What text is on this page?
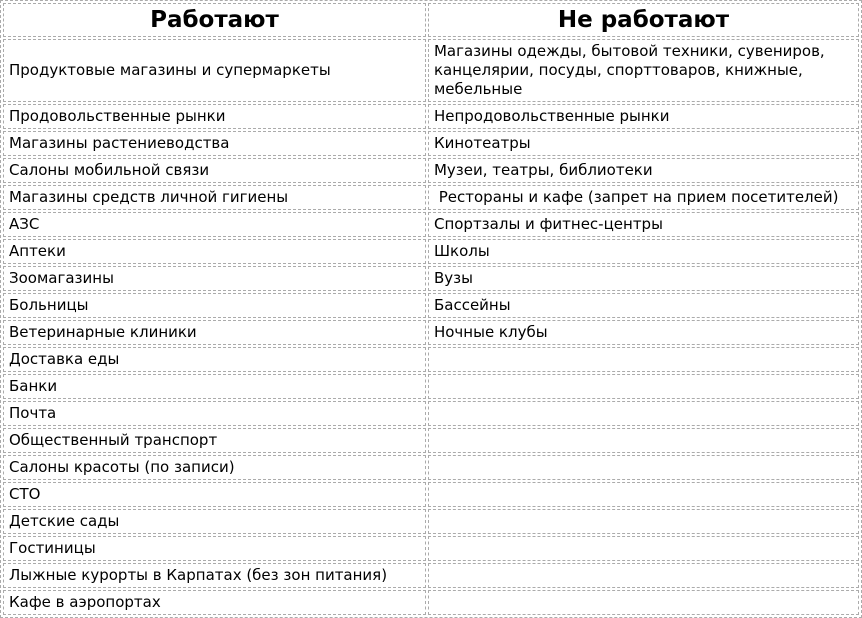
Работают	Не работают
Продуктовые магазины и супермаркеты	Магазины одежды, бытовой техники, сувениров, канцелярии, посуды, спорттоваров, книжные, мебельные
Продовольственные рынки	Непродовольственные рынки
Магазины растениеводства	Кинотеатры
Салоны мобильной связи	Музеи, театры, библиотеки
Магазины средств личной гигиены	Рестораны и кафе (запрет на прием посетителей)
АЗС	Спортзалы и фитнес-центры
Аптеки	Школы
Зоомагазины	Вузы
Больницы	Бассейны
Ветеринарные клиники	Ночные клубы
Доставка еды	
Банки	
Почта	
Общественный транспорт	
Салоны красоты (по записи)	
СТО	
Детские сады	
Гостиницы	
Лыжные курорты в Карпатах (без зон питания)	
Кафе в аэропортах	
